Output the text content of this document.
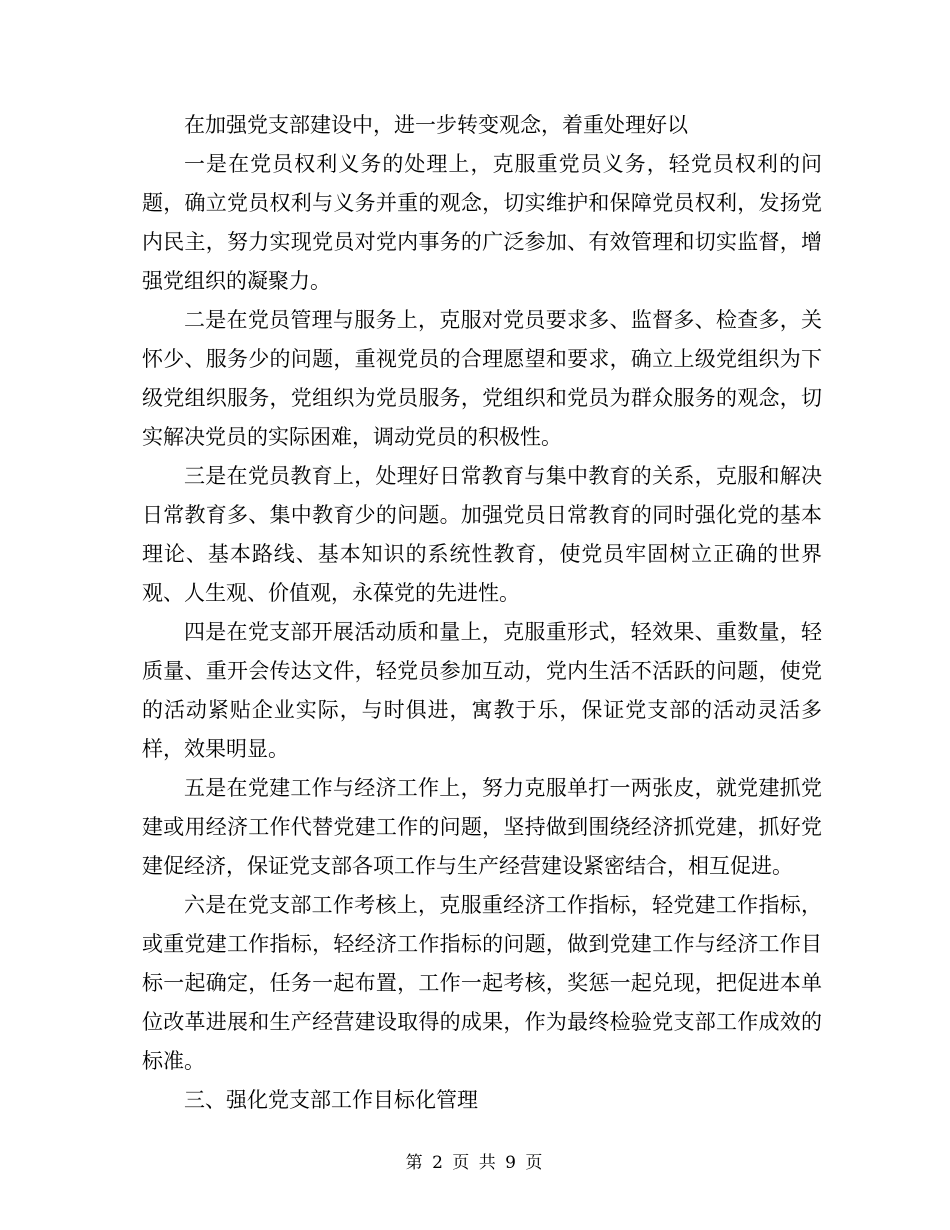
在加强党支部建设中，进一步转变观念，着重处理好以

一是在党员权利义务的处理上，克服重党员义务，轻党员权利的问题，确立党员权利与义务并重的观念，切实维护和保障党员权利，发扬党内民主，努力实现党员对党内事务的广泛参加、有效管理和切实监督，增强党组织的凝聚力。

二是在党员管理与服务上，克服对党员要求多、监督多、检查多，关怀少、服务少的问题，重视党员的合理愿望和要求，确立上级党组织为下级党组织服务，党组织为党员服务，党组织和党员为群众服务的观念，切实解决党员的实际困难，调动党员的积极性。

三是在党员教育上，处理好日常教育与集中教育的关系，克服和解决日常教育多、集中教育少的问题。加强党员日常教育的同时强化党的基本理论、基本路线、基本知识的系统性教育，使党员牢固树立正确的世界观、人生观、价值观，永葆党的先进性。

四是在党支部开展活动质和量上，克服重形式，轻效果、重数量，轻质量、重开会传达文件，轻党员参加互动，党内生活不活跃的问题，使党的活动紧贴企业实际，与时俱进，寓教于乐，保证党支部的活动灵活多样，效果明显。

五是在党建工作与经济工作上，努力克服单打一两张皮，就党建抓党建或用经济工作代替党建工作的问题，坚持做到围绕经济抓党建，抓好党建促经济，保证党支部各项工作与生产经营建设紧密结合，相互促进。

六是在党支部工作考核上，克服重经济工作指标，轻党建工作指标，或重党建工作指标，轻经济工作指标的问题，做到党建工作与经济工作目标一起确定，任务一起布置，工作一起考核，奖惩一起兑现，把促进本单位改革进展和生产经营建设取得的成果，作为最终检验党支部工作成效的标准。

三、强化党支部工作目标化管理

第 2 页 共 9 页
